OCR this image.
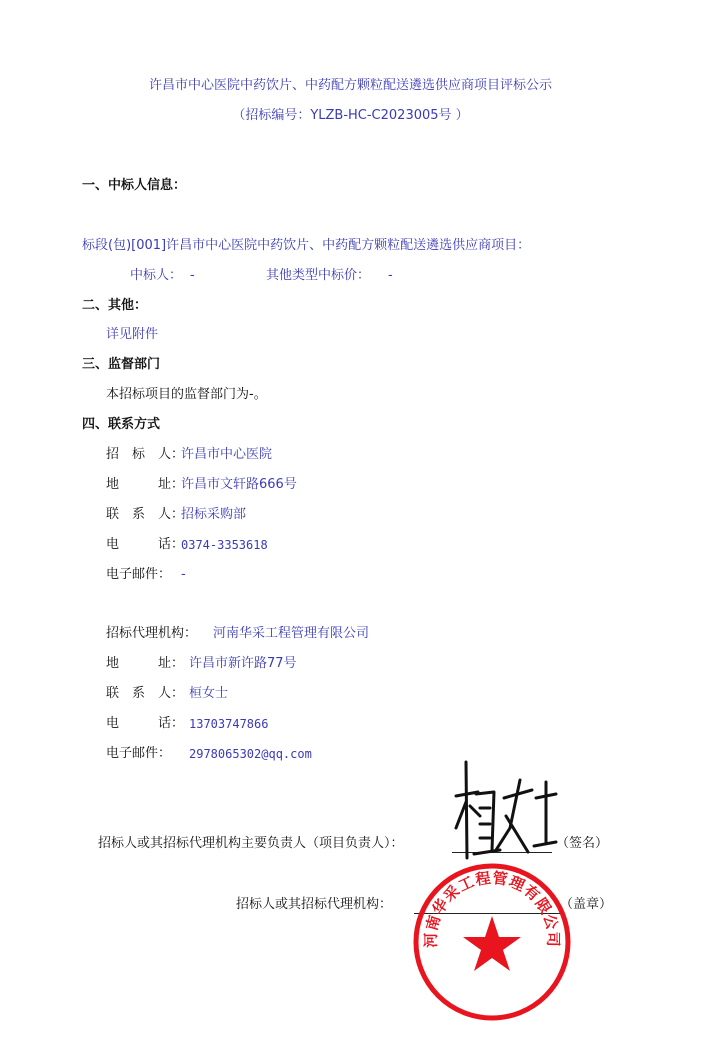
许昌市中心医院中药饮片、中药配方颗粒配送遴选供应商项目评标公示
（招标编号：YLZB-HC-C2023005号 ）
一、中标人信息：
标段(包)[001]许昌市中心医院中药饮片、中药配方颗粒配送遴选供应商项目：
中标人： -	其他类型中标价： -
二、其他：
详见附件
三、监督部门
本招标项目的监督部门为-。
四、联系方式
招　标　人：
许昌市中心医院
地　　　址：
许昌市文轩路666号
联　系　人：
招标采购部
电　　　话：
0374-3353618
电子邮件： -
招标代理机构： 河南华采工程管理有限公司
地　　　址： 许昌市新许路77号
联　系　人： 桓女士
电　　　话： 13703747866
电子邮件： 2978065302@qq.com
招标人或其招标代理机构主要负责人（项目负责人）：	（签名）
招标人或其招标代理机构：	（盖章）
河南华采工程管理有限公司
